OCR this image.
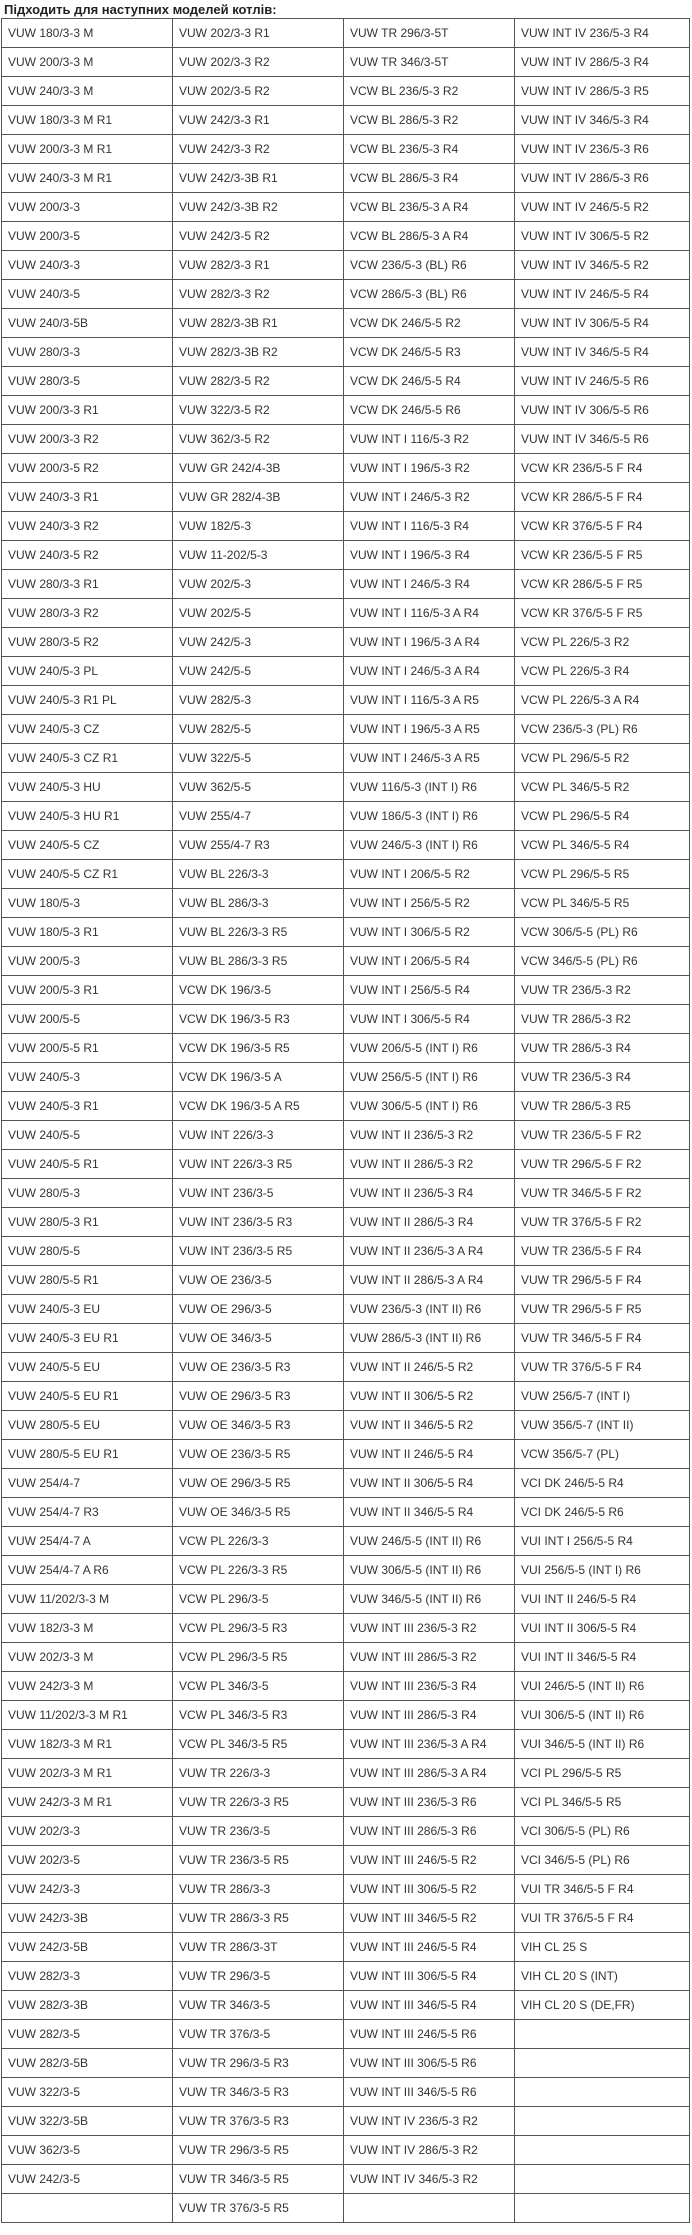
Підходить для наступних моделей котлів:
VUW 180/3-3 M	VUW 202/3-3 R1	VUW TR 296/3-5T	VUW INT IV 236/5-3 R4
VUW 200/3-3 M	VUW 202/3-3 R2	VUW TR 346/3-5T	VUW INT IV 286/5-3 R4
VUW 240/3-3 M	VUW 202/3-5 R2	VCW BL 236/5-3 R2	VUW INT IV 286/5-3 R5
VUW 180/3-3 M R1	VUW 242/3-3 R1	VCW BL 286/5-3 R2	VUW INT IV 346/5-3 R4
VUW 200/3-3 M R1	VUW 242/3-3 R2	VCW BL 236/5-3 R4	VUW INT IV 236/5-3 R6
VUW 240/3-3 M R1	VUW 242/3-3B R1	VCW BL 286/5-3 R4	VUW INT IV 286/5-3 R6
VUW 200/3-3	VUW 242/3-3B R2	VCW BL 236/5-3 A R4	VUW INT IV 246/5-5 R2
VUW 200/3-5	VUW 242/3-5 R2	VCW BL 286/5-3 A R4	VUW INT IV 306/5-5 R2
VUW 240/3-3	VUW 282/3-3 R1	VCW 236/5-3 (BL) R6	VUW INT IV 346/5-5 R2
VUW 240/3-5	VUW 282/3-3 R2	VCW 286/5-3 (BL) R6	VUW INT IV 246/5-5 R4
VUW 240/3-5B	VUW 282/3-3B R1	VCW DK 246/5-5 R2	VUW INT IV 306/5-5 R4
VUW 280/3-3	VUW 282/3-3B R2	VCW DK 246/5-5 R3	VUW INT IV 346/5-5 R4
VUW 280/3-5	VUW 282/3-5 R2	VCW DK 246/5-5 R4	VUW INT IV 246/5-5 R6
VUW 200/3-3 R1	VUW 322/3-5 R2	VCW DK 246/5-5 R6	VUW INT IV 306/5-5 R6
VUW 200/3-3 R2	VUW 362/3-5 R2	VUW INT I 116/5-3 R2	VUW INT IV 346/5-5 R6
VUW 200/3-5 R2	VUW GR 242/4-3B	VUW INT I 196/5-3 R2	VCW KR 236/5-5 F R4
VUW 240/3-3 R1	VUW GR 282/4-3B	VUW INT I 246/5-3 R2	VCW KR 286/5-5 F R4
VUW 240/3-3 R2	VUW 182/5-3	VUW INT I 116/5-3 R4	VCW KR 376/5-5 F R4
VUW 240/3-5 R2	VUW 11-202/5-3	VUW INT I 196/5-3 R4	VCW KR 236/5-5 F R5
VUW 280/3-3 R1	VUW 202/5-3	VUW INT I 246/5-3 R4	VCW KR 286/5-5 F R5
VUW 280/3-3 R2	VUW 202/5-5	VUW INT I 116/5-3 A R4	VCW KR 376/5-5 F R5
VUW 280/3-5 R2	VUW 242/5-3	VUW INT I 196/5-3 A R4	VCW PL 226/5-3 R2
VUW 240/5-3 PL	VUW 242/5-5	VUW INT I 246/5-3 A R4	VCW PL 226/5-3 R4
VUW 240/5-3 R1 PL	VUW 282/5-3	VUW INT I 116/5-3 A R5	VCW PL 226/5-3 A R4
VUW 240/5-3 CZ	VUW 282/5-5	VUW INT I 196/5-3 A R5	VCW 236/5-3 (PL) R6
VUW 240/5-3 CZ R1	VUW 322/5-5	VUW INT I 246/5-3 A R5	VCW PL 296/5-5 R2
VUW 240/5-3 HU	VUW 362/5-5	VUW 116/5-3 (INT I) R6	VCW PL 346/5-5 R2
VUW 240/5-3 HU R1	VUW 255/4-7	VUW 186/5-3 (INT I) R6	VCW PL 296/5-5 R4
VUW 240/5-5 CZ	VUW 255/4-7 R3	VUW 246/5-3 (INT I) R6	VCW PL 346/5-5 R4
VUW 240/5-5 CZ R1	VUW BL 226/3-3	VUW INT I 206/5-5 R2	VCW PL 296/5-5 R5
VUW 180/5-3	VUW BL 286/3-3	VUW INT I 256/5-5 R2	VCW PL 346/5-5 R5
VUW 180/5-3 R1	VUW BL 226/3-3 R5	VUW INT I 306/5-5 R2	VCW 306/5-5 (PL) R6
VUW 200/5-3	VUW BL 286/3-3 R5	VUW INT I 206/5-5 R4	VCW 346/5-5 (PL) R6
VUW 200/5-3 R1	VCW DK 196/3-5	VUW INT I 256/5-5 R4	VUW TR 236/5-3 R2
VUW 200/5-5	VCW DK 196/3-5 R3	VUW INT I 306/5-5 R4	VUW TR 286/5-3 R2
VUW 200/5-5 R1	VCW DK 196/3-5 R5	VUW 206/5-5 (INT I) R6	VUW TR 286/5-3 R4
VUW 240/5-3	VCW DK 196/3-5 A	VUW 256/5-5 (INT I) R6	VUW TR 236/5-3 R4
VUW 240/5-3 R1	VCW DK 196/3-5 A R5	VUW 306/5-5 (INT I) R6	VUW TR 286/5-3 R5
VUW 240/5-5	VUW INT 226/3-3	VUW INT II 236/5-3 R2	VUW TR 236/5-5 F R2
VUW 240/5-5 R1	VUW INT 226/3-3 R5	VUW INT II 286/5-3 R2	VUW TR 296/5-5 F R2
VUW 280/5-3	VUW INT 236/3-5	VUW INT II 236/5-3 R4	VUW TR 346/5-5 F R2
VUW 280/5-3 R1	VUW INT 236/3-5 R3	VUW INT II 286/5-3 R4	VUW TR 376/5-5 F R2
VUW 280/5-5	VUW INT 236/3-5 R5	VUW INT II 236/5-3 A R4	VUW TR 236/5-5 F R4
VUW 280/5-5 R1	VUW OE 236/3-5	VUW INT II 286/5-3 A R4	VUW TR 296/5-5 F R4
VUW 240/5-3 EU	VUW OE 296/3-5	VUW 236/5-3 (INT II) R6	VUW TR 296/5-5 F R5
VUW 240/5-3 EU R1	VUW OE 346/3-5	VUW 286/5-3 (INT II) R6	VUW TR 346/5-5 F R4
VUW 240/5-5 EU	VUW OE 236/3-5 R3	VUW INT II 246/5-5 R2	VUW TR 376/5-5 F R4
VUW 240/5-5 EU R1	VUW OE 296/3-5 R3	VUW INT II 306/5-5 R2	VUW 256/5-7 (INT I)
VUW 280/5-5 EU	VUW OE 346/3-5 R3	VUW INT II 346/5-5 R2	VUW 356/5-7 (INT II)
VUW 280/5-5 EU R1	VUW OE 236/3-5 R5	VUW INT II 246/5-5 R4	VCW 356/5-7 (PL)
VUW 254/4-7	VUW OE 296/3-5 R5	VUW INT II 306/5-5 R4	VCI DK 246/5-5 R4
VUW 254/4-7 R3	VUW OE 346/3-5 R5	VUW INT II 346/5-5 R4	VCI DK 246/5-5 R6
VUW 254/4-7 A	VCW PL 226/3-3	VUW 246/5-5 (INT II) R6	VUI INT I 256/5-5 R4
VUW 254/4-7 A R6	VCW PL 226/3-3 R5	VUW 306/5-5 (INT II) R6	VUI 256/5-5 (INT I) R6
VUW 11/202/3-3 M	VCW PL 296/3-5	VUW 346/5-5 (INT II) R6	VUI INT II 246/5-5 R4
VUW 182/3-3 M	VCW PL 296/3-5 R3	VUW INT III 236/5-3 R2	VUI INT II 306/5-5 R4
VUW 202/3-3 M	VCW PL 296/3-5 R5	VUW INT III 286/5-3 R2	VUI INT II 346/5-5 R4
VUW 242/3-3 M	VCW PL 346/3-5	VUW INT III 236/5-3 R4	VUI 246/5-5 (INT II) R6
VUW 11/202/3-3 M R1	VCW PL 346/3-5 R3	VUW INT III 286/5-3 R4	VUI 306/5-5 (INT II) R6
VUW 182/3-3 M R1	VCW PL 346/3-5 R5	VUW INT III 236/5-3 A R4	VUI 346/5-5 (INT II) R6
VUW 202/3-3 M R1	VUW TR 226/3-3	VUW INT III 286/5-3 A R4	VCI PL 296/5-5 R5
VUW 242/3-3 M R1	VUW TR 226/3-3 R5	VUW INT III 236/5-3 R6	VCI PL 346/5-5 R5
VUW 202/3-3	VUW TR 236/3-5	VUW INT III 286/5-3 R6	VCI 306/5-5 (PL) R6
VUW 202/3-5	VUW TR 236/3-5 R5	VUW INT III 246/5-5 R2	VCI 346/5-5 (PL) R6
VUW 242/3-3	VUW TR 286/3-3	VUW INT III 306/5-5 R2	VUI TR 346/5-5 F R4
VUW 242/3-3B	VUW TR 286/3-3 R5	VUW INT III 346/5-5 R2	VUI TR 376/5-5 F R4
VUW 242/3-5B	VUW TR 286/3-3T	VUW INT III 246/5-5 R4	VIH CL 25 S
VUW 282/3-3	VUW TR 296/3-5	VUW INT III 306/5-5 R4	VIH CL 20 S (INT)
VUW 282/3-3B	VUW TR 346/3-5	VUW INT III 346/5-5 R4	VIH CL 20 S (DE,FR)
VUW 282/3-5	VUW TR 376/3-5	VUW INT III 246/5-5 R6	
VUW 282/3-5B	VUW TR 296/3-5 R3	VUW INT III 306/5-5 R6	
VUW 322/3-5	VUW TR 346/3-5 R3	VUW INT III 346/5-5 R6	
VUW 322/3-5B	VUW TR 376/3-5 R3	VUW INT IV 236/5-3 R2	
VUW 362/3-5	VUW TR 296/3-5 R5	VUW INT IV 286/5-3 R2	
VUW 242/3-5	VUW TR 346/3-5 R5	VUW INT IV 346/5-3 R2	
	VUW TR 376/3-5 R5		
